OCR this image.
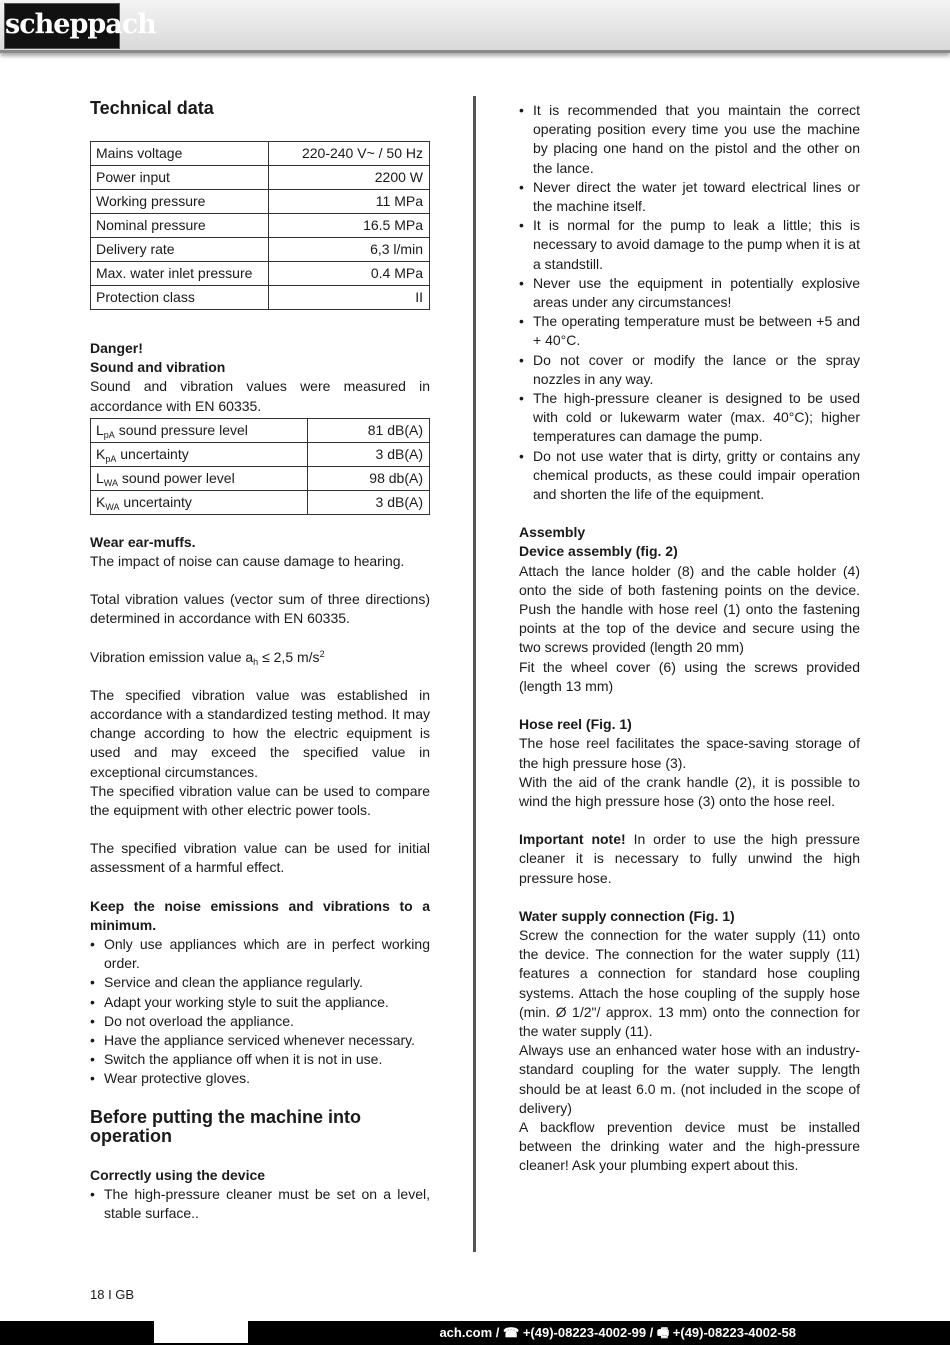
scheppach
Technical data
Mains voltage	220-240 V~ / 50 Hz
Power input	2200 W
Working pressure	11 MPa
Nominal pressure	16.5 MPa
Delivery rate	6,3 l/min
Max. water inlet pressure	0.4 MPa
Protection class	II

Danger!

Sound and vibration

Sound and vibration values were measured in accordance with EN 60335.

$L_{pA}$ sound pressure level	81 dB(A)
$K_{pA}$ uncertainty	3 dB(A)
$L_{WA}$ sound power level	98 db(A)
$K_{WA}$ uncertainty	3 dB(A)

Wear ear-muffs.

The impact of noise can cause damage to hearing.

Total vibration values (vector sum of three directions) determined in accordance with EN 60335.

Vibration emission value $a_h \le 2,5$ $m/s^2$

The specified vibration value was established in accordance with a standardized testing method. It may change according to how the electric equipment is used and may exceed the specified value in exceptional circumstances.

The specified vibration value can be used to compare the equipment with other electric power tools.

The specified vibration value can be used for initial assessment of a harmful effect.

Keep the noise emissions and vibrations to a minimum.

• Only use appliances which are in perfect working order.
• Service and clean the appliance regularly.
• Adapt your working style to suit the appliance.
• Do not overload the appliance.
• Have the appliance serviced whenever necessary.
• Switch the appliance off when it is not in use.
• Wear protective gloves.
Before putting the machine into operation

Correctly using the device

• The high-pressure cleaner must be set on a level, stable surface..
• It is recommended that you maintain the correct operating position every time you use the machine by placing one hand on the pistol and the other on the lance.
• Never direct the water jet toward electrical lines or the machine itself.
• It is normal for the pump to leak a little; this is necessary to avoid damage to the pump when it is at a standstill.
• Never use the equipment in potentially explosive areas under any circumstances!
• The operating temperature must be between +5 and + 40°C.
• Do not cover or modify the lance or the spray nozzles in any way.
• The high-pressure cleaner is designed to be used with cold or lukewarm water (max. 40°C); higher temperatures can damage the pump.
• Do not use water that is dirty, gritty or contains any chemical products, as these could impair operation and shorten the life of the equipment.

Assembly

Device assembly (fig. 2)

Attach the lance holder (8) and the cable holder (4) onto the side of both fastening points on the device. Push the handle with hose reel (1) onto the fastening points at the top of the device and secure using the two screws provided (length 20 mm)

Fit the wheel cover (6) using the screws provided (length 13 mm)

Hose reel (Fig. 1)

The hose reel facilitates the space-saving storage of the high pressure hose (3).

With the aid of the crank handle (2), it is possible to wind the high pressure hose (3) onto the hose reel.

Important note! In order to use the high pressure cleaner it is necessary to fully unwind the high pressure hose.

Water supply connection (Fig. 1)

Screw the connection for the water supply (11) onto the device. The connection for the water supply (11) features a connection for standard hose coupling systems. Attach the hose coupling of the supply hose (min. Ø 1/2"/ approx. 13 mm) onto the connection for the water supply (11).

Always use an enhanced water hose with an industry-standard coupling for the water supply. The length should be at least 6.0 m. (not included in the scope of delivery)

A backflow prevention device must be installed between the drinking water and the high-pressure cleaner! Ask your plumbing expert about this.

18 I GB
ach.com / ☎ +(49)-08223-4002-99 / 🖷 +(49)-08223-4002-58
